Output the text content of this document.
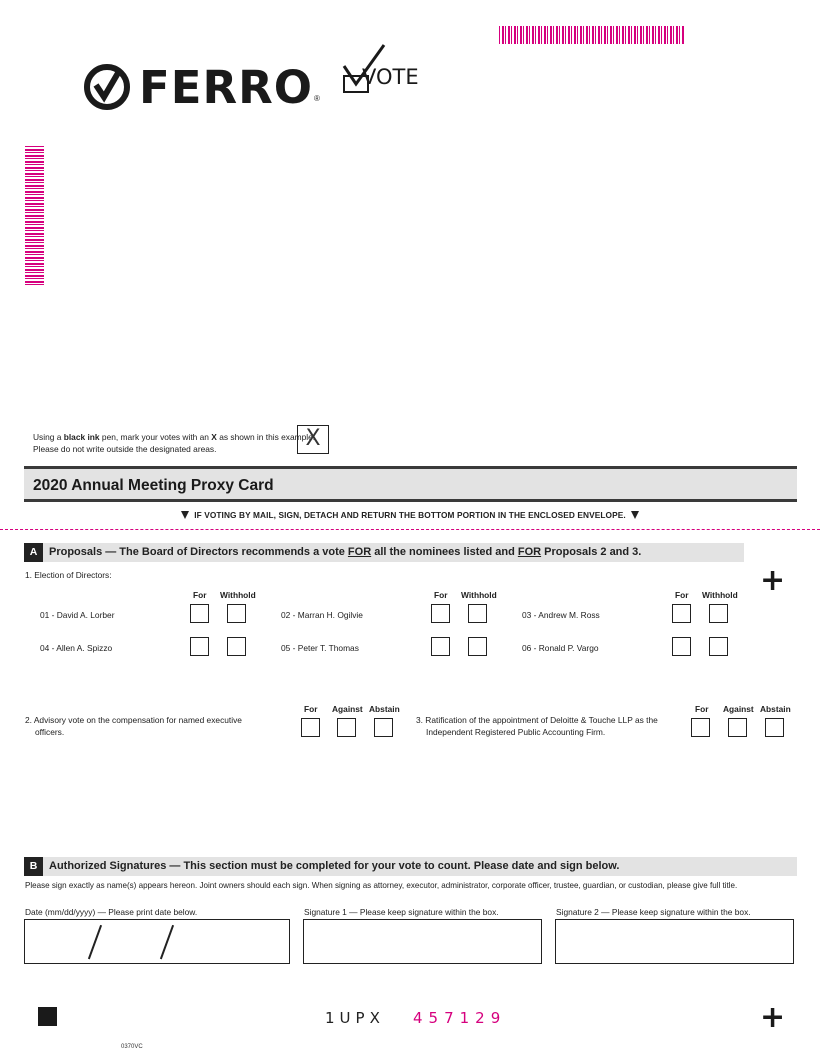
FERRO ®
VOTE
Using a black ink pen, mark your votes with an X as shown in this example.
Please do not write outside the designated areas.	X
2020 Annual Meeting Proxy Card
IF VOTING BY MAIL, SIGN, DETACH AND RETURN THE BOTTOM PORTION IN THE ENCLOSED ENVELOPE.
A	Proposals — The Board of Directors recommends a vote FOR all the nominees listed and FOR Proposals 2 and 3.
+
1. Election of Directors:
For Withhold	For Withhold	For Withhold
01 - David A. Lorber	02 - Marran H. Ogilvie	03 - Andrew M. Ross
04 - Allen A. Spizzo	05 - Peter T. Thomas	06 - Ronald P. Vargo
2. Advisory vote on the compensation for named executive
officers.
For Against Abstain
3. Ratification of the appointment of Deloitte & Touche LLP as the
Independent Registered Public Accounting Firm.
For Against Abstain
B	Authorized Signatures — This section must be completed for your vote to count. Please date and sign below.
Please sign exactly as name(s) appears hereon. Joint owners should each sign. When signing as attorney, executor, administrator, corporate officer, trustee, guardian, or custodian, please give full title.
Date (mm/dd/yyyy) — Please print date below.	Signature 1 — Please keep signature within the box.	Signature 2 — Please keep signature within the box.
1UPX 457129	+
0370VC
